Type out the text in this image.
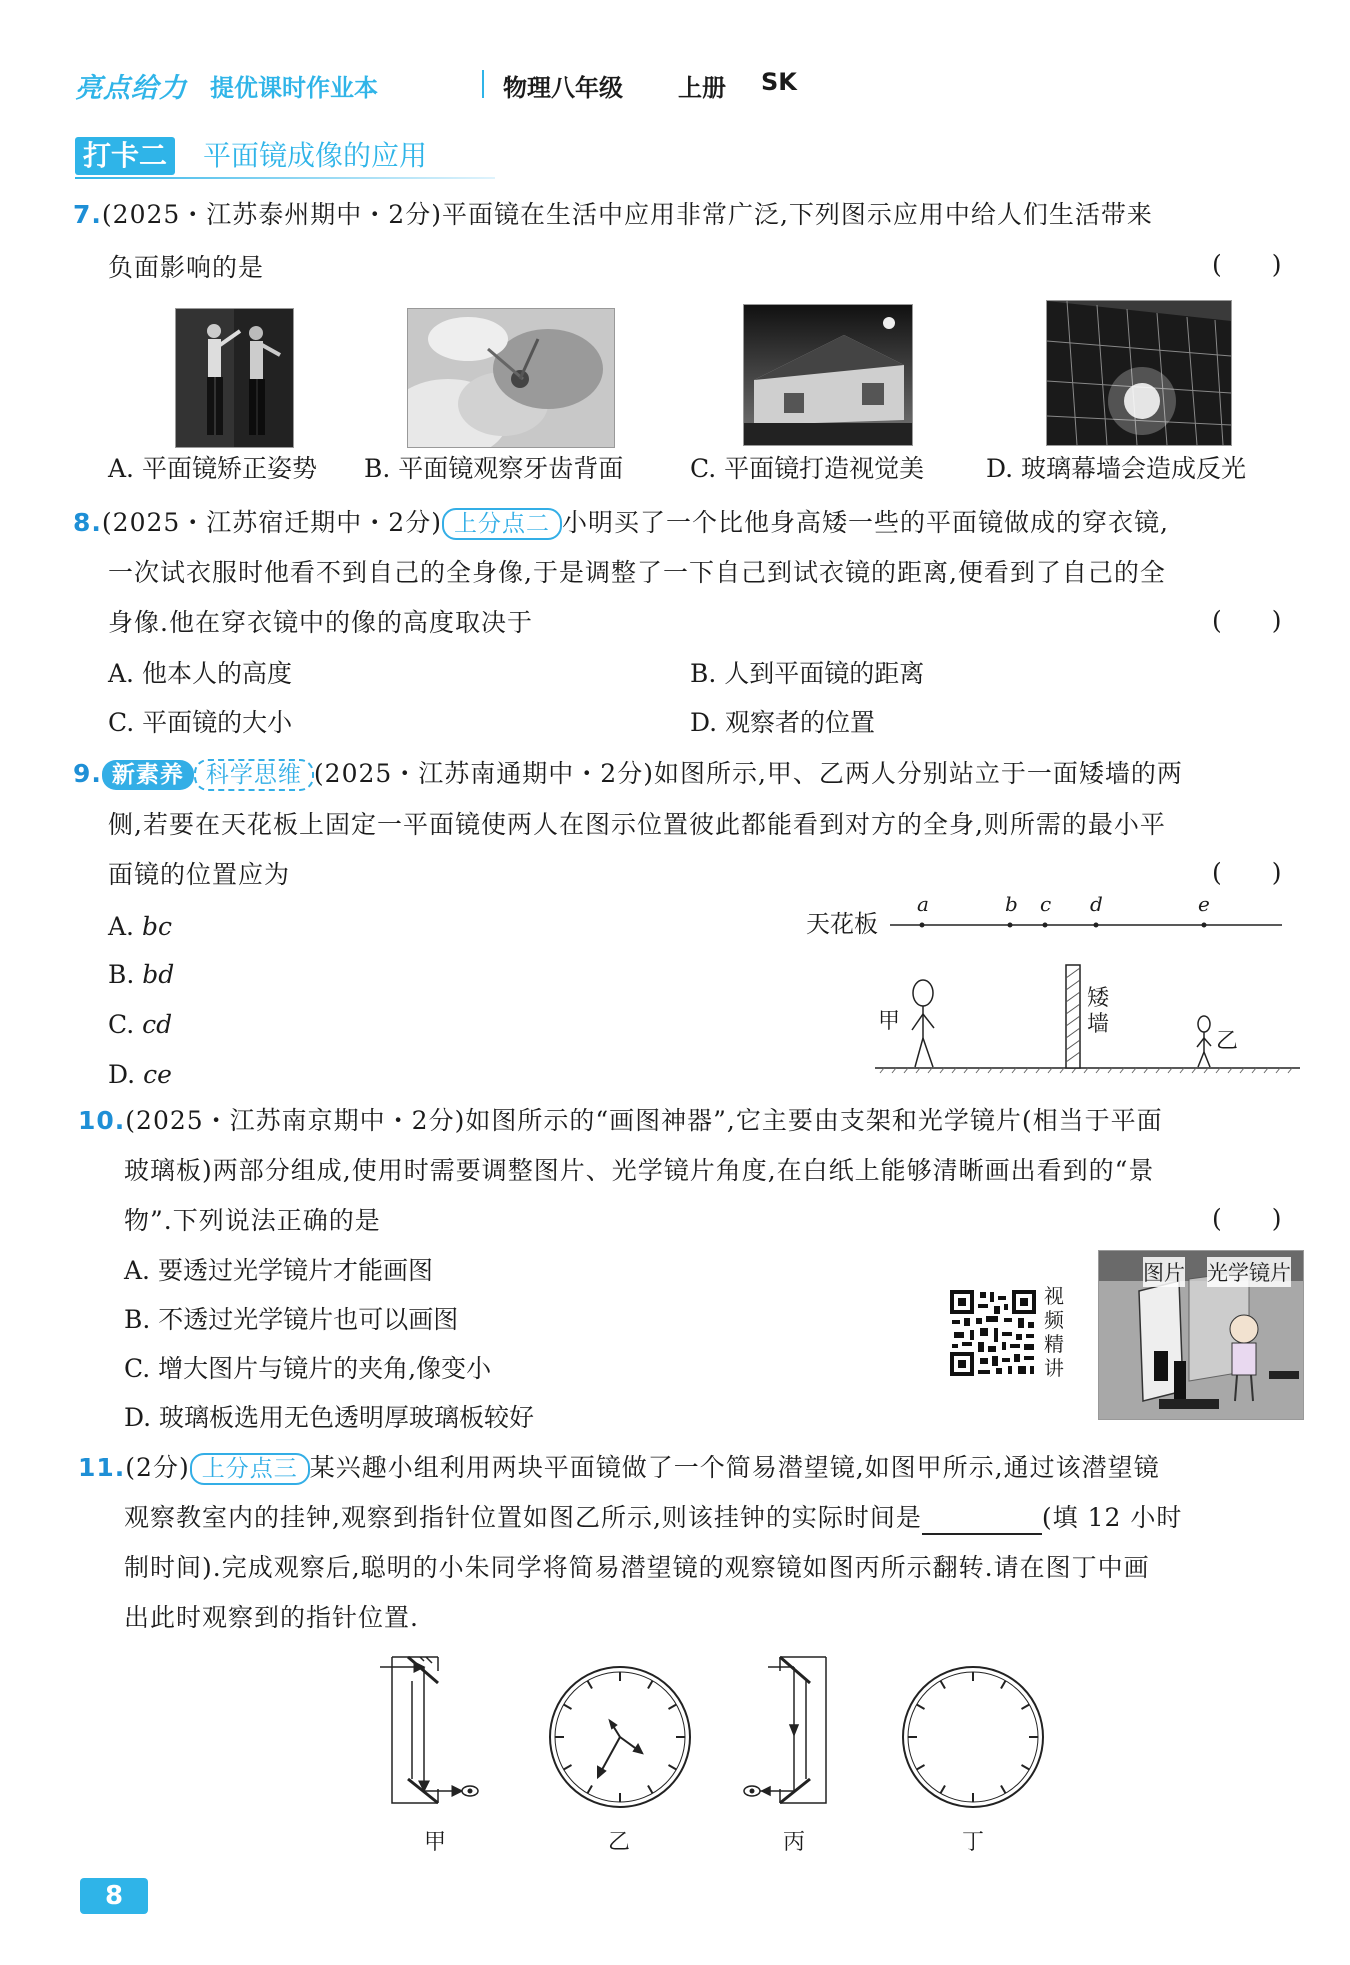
亮点给力 提优课时作业本	物理八年级 上册 SK
打卡二 平面镜成像的应用
7.(2025・江苏泰州期中・2分)平面镜在生活中应用非常广泛,下列图示应用中给人们生活带来
负面影响的是	(　　)
A. 平面镜矫正姿势 B. 平面镜观察牙齿背面	C. 平面镜打造视觉美 D. 玻璃幕墙会造成反光
8.(2025・江苏宿迁期中・2分) 上分点二 小明买了一个比他身高矮一些的平面镜做成的穿衣镜,
一次试衣服时他看不到自己的全身像,于是调整了一下自己到试衣镜的距离,便看到了自己的全
身像.他在穿衣镜中的像的高度取决于	(　　)
A. 他本人的高度	B. 人到平面镜的距离
C. 平面镜的大小	D. 观察者的位置
9. 新素养 科学思维 (2025・江苏南通期中・2分)如图所示,甲、乙两人分别站立于一面矮墙的两
侧,若要在天花板上固定一平面镜使两人在图示位置彼此都能看到对方的全身,则所需的最小平
面镜的位置应为	(　　)
A. bc
B. bd
C. cd
D. ce
天花板
a	b c d	e
矮墙
甲
乙
10.(2025・江苏南京期中・2分)如图所示的“画图神器”,它主要由支架和光学镜片(相当于平面
玻璃板)两部分组成,使用时需要调整图片、光学镜片角度,在白纸上能够清晰画出看到的“景
物”.下列说法正确的是	(　　)
A. 要透过光学镜片才能画图
B. 不透过光学镜片也可以画图
C. 增大图片与镜片的夹角,像变小
D. 玻璃板选用无色透明厚玻璃板较好
视
频
精
讲
图片 光学镜片
11.(2分) 上分点三 某兴趣小组利用两块平面镜做了一个简易潜望镜,如图甲所示,通过该潜望镜
观察教室内的挂钟,观察到指针位置如图乙所示,则该挂钟的实际时间是	(填 12 小时
制时间).完成观察后,聪明的小朱同学将简易潜望镜的观察镜如图丙所示翻转.请在图丁中画
出此时观察到的指针位置.
甲	乙	丙	丁
8
